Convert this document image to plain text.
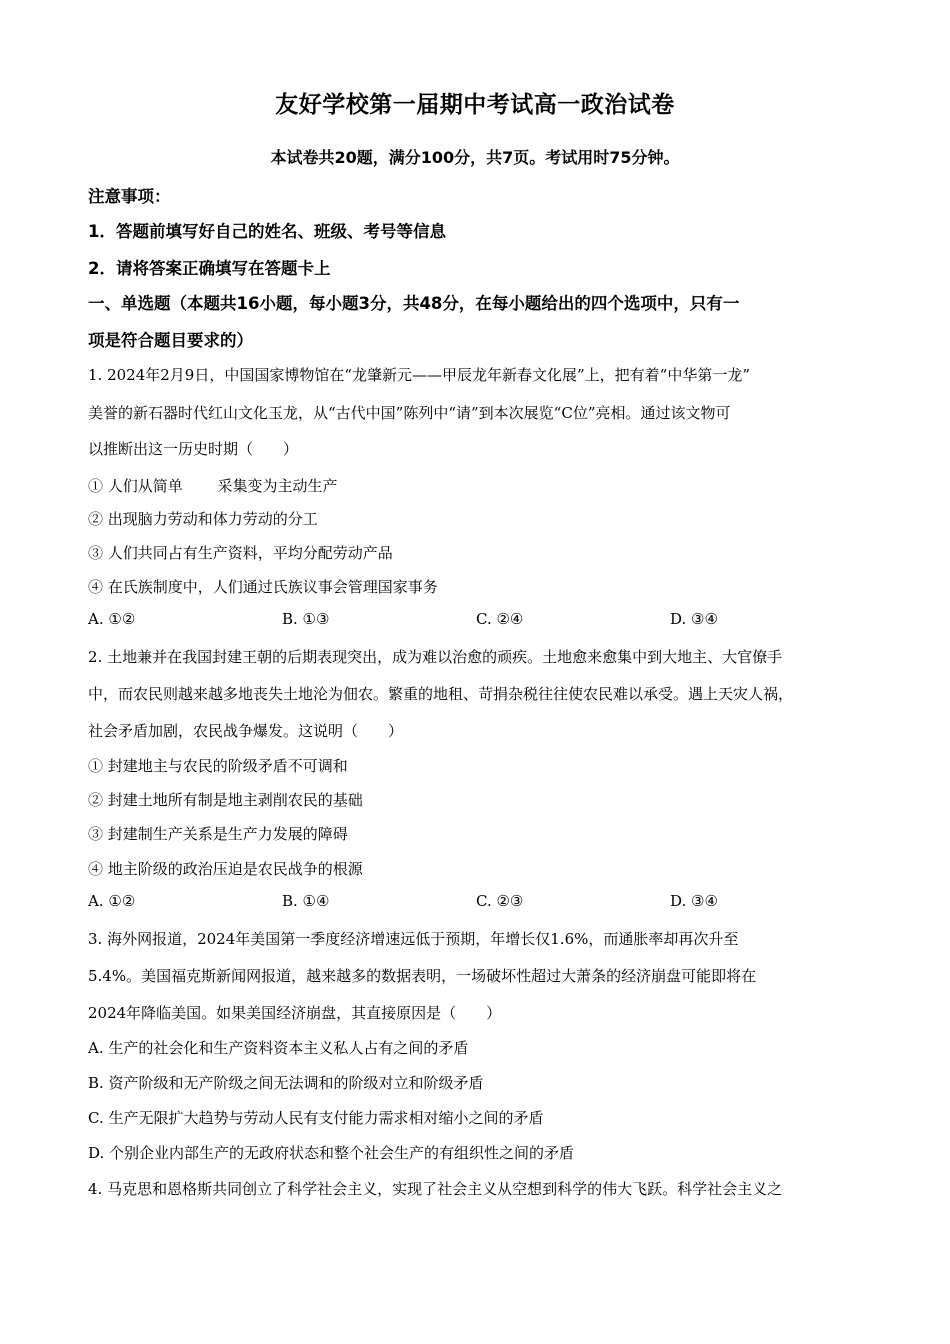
友好学校第一届期中考试高一政治试卷
本试卷共20题，满分100分，共7页。考试用时75分钟。
注意事项：
1．答题前填写好自己的姓名、班级、考号等信息
2．请将答案正确填写在答题卡上
一、单选题（本题共16小题，每小题3分，共48分，在每小题给出的四个选项中，只有一
项是符合题目要求的）
1. 2024年2月9日，中国国家博物馆在“龙肇新元——甲辰龙年新春文化展”上，把有着“中华第一龙”
美誉的新石器时代红山文化玉龙，从“古代中国”陈列中“请”到本次展览“C位”亮相。通过该文物可
以推断出这一历史时期（　　）
① 人们从简单　　 采集变为主动生产
② 出现脑力劳动和体力劳动的分工
③ 人们共同占有生产资料，平均分配劳动产品
④ 在氏族制度中，人们通过氏族议事会管理国家事务
A. ①②	B. ①③	C. ②④	D. ③④
2. 土地兼并在我国封建王朝的后期表现突出，成为难以治愈的顽疾。土地愈来愈集中到大地主、大官僚手
中，而农民则越来越多地丧失土地沦为佃农。繁重的地租、苛捐杂税往往使农民难以承受。遇上天灾人祸，
社会矛盾加剧，农民战争爆发。这说明（　　）
① 封建地主与农民的阶级矛盾不可调和
② 封建土地所有制是地主剥削农民的基础
③ 封建制生产关系是生产力发展的障碍
④ 地主阶级的政治压迫是农民战争的根源
A. ①②	B. ①④	C. ②③	D. ③④
3. 海外网报道，2024年美国第一季度经济增速远低于预期，年增长仅1.6%，而通胀率却再次升至
5.4%。美国福克斯新闻网报道，越来越多的数据表明，一场破坏性超过大萧条的经济崩盘可能即将在
2024年降临美国。如果美国经济崩盘，其直接原因是（　　）
A. 生产的社会化和生产资料资本主义私人占有之间的矛盾
B. 资产阶级和无产阶级之间无法调和的阶级对立和阶级矛盾
C. 生产无限扩大趋势与劳动人民有支付能力需求相对缩小之间的矛盾
D. 个别企业内部生产的无政府状态和整个社会生产的有组织性之间的矛盾
4. 马克思和恩格斯共同创立了科学社会主义，实现了社会主义从空想到科学的伟大飞跃。科学社会主义之
